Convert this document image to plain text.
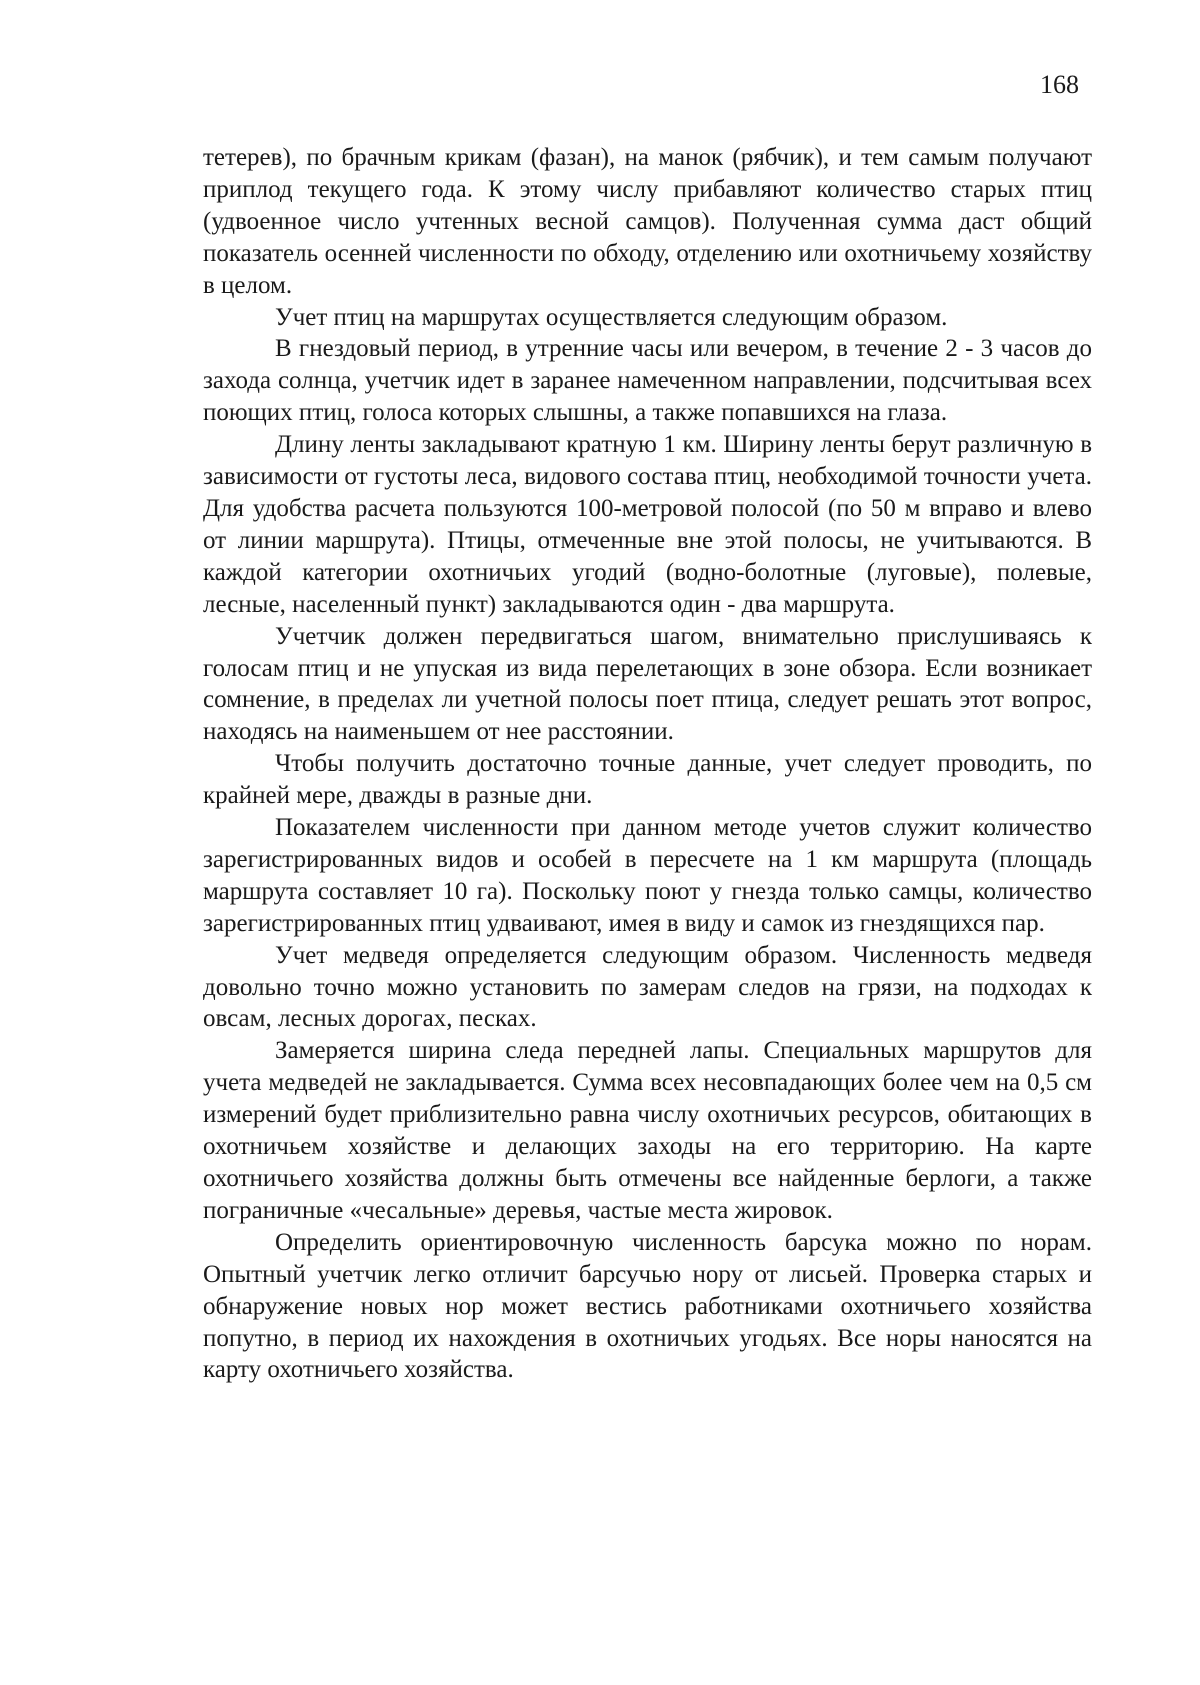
168

тетерев), по брачным крикам (фазан), на манок (рябчик), и тем самым получают приплод текущего года. К этому числу прибавляют количество старых птиц (удвоенное число учтенных весной самцов). Полученная сумма даст общий показатель осенней численности по обходу, отделению или охотничьему хозяйству в целом.

Учет птиц на маршрутах осуществляется следующим образом.

В гнездовый период, в утренние часы или вечером, в течение 2 - 3 часов до захода солнца, учетчик идет в заранее намеченном направлении, подсчитывая всех поющих птиц, голоса которых слышны, а также попавшихся на глаза.

Длину ленты закладывают кратную 1 км. Ширину ленты берут различную в зависимости от густоты леса, видового состава птиц, необходимой точности учета. Для удобства расчета пользуются 100-метровой полосой (по 50 м вправо и влево от линии маршрута). Птицы, отмеченные вне этой полосы, не учитываются. В каждой категории охотничьих угодий (водно-болотные (луговые), полевые, лесные, населенный пункт) закладываются один - два маршрута.

Учетчик должен передвигаться шагом, внимательно прислушиваясь к голосам птиц и не упуская из вида перелетающих в зоне обзора. Если возникает сомнение, в пределах ли учетной полосы поет птица, следует решать этот вопрос, находясь на наименьшем от нее расстоянии.

Чтобы получить достаточно точные данные, учет следует проводить, по крайней мере, дважды в разные дни.

Показателем численности при данном методе учетов служит количество зарегистрированных видов и особей в пересчете на 1 км маршрута (площадь маршрута составляет 10 га). Поскольку поют у гнезда только самцы, количество зарегистрированных птиц удваивают, имея в виду и самок из гнездящихся пар.

Учет медведя определяется следующим образом. Численность медведя довольно точно можно установить по замерам следов на грязи, на подходах к овсам, лесных дорогах, песках.

Замеряется ширина следа передней лапы. Специальных маршрутов для учета медведей не закладывается. Сумма всех несовпадающих более чем на 0,5 см измерений будет приблизительно равна числу охотничьих ресурсов, обитающих в охотничьем хозяйстве и делающих заходы на его территорию. На карте охотничьего хозяйства должны быть отмечены все найденные берлоги, а также пограничные «чесальные» деревья, частые места жировок.

Определить ориентировочную численность барсука можно по норам. Опытный учетчик легко отличит барсучью нору от лисьей. Проверка старых и обнаружение новых нор может вестись работниками охотничьего хозяйства попутно, в период их нахождения в охотничьих угодьях. Все норы наносятся на карту охотничьего хозяйства.
